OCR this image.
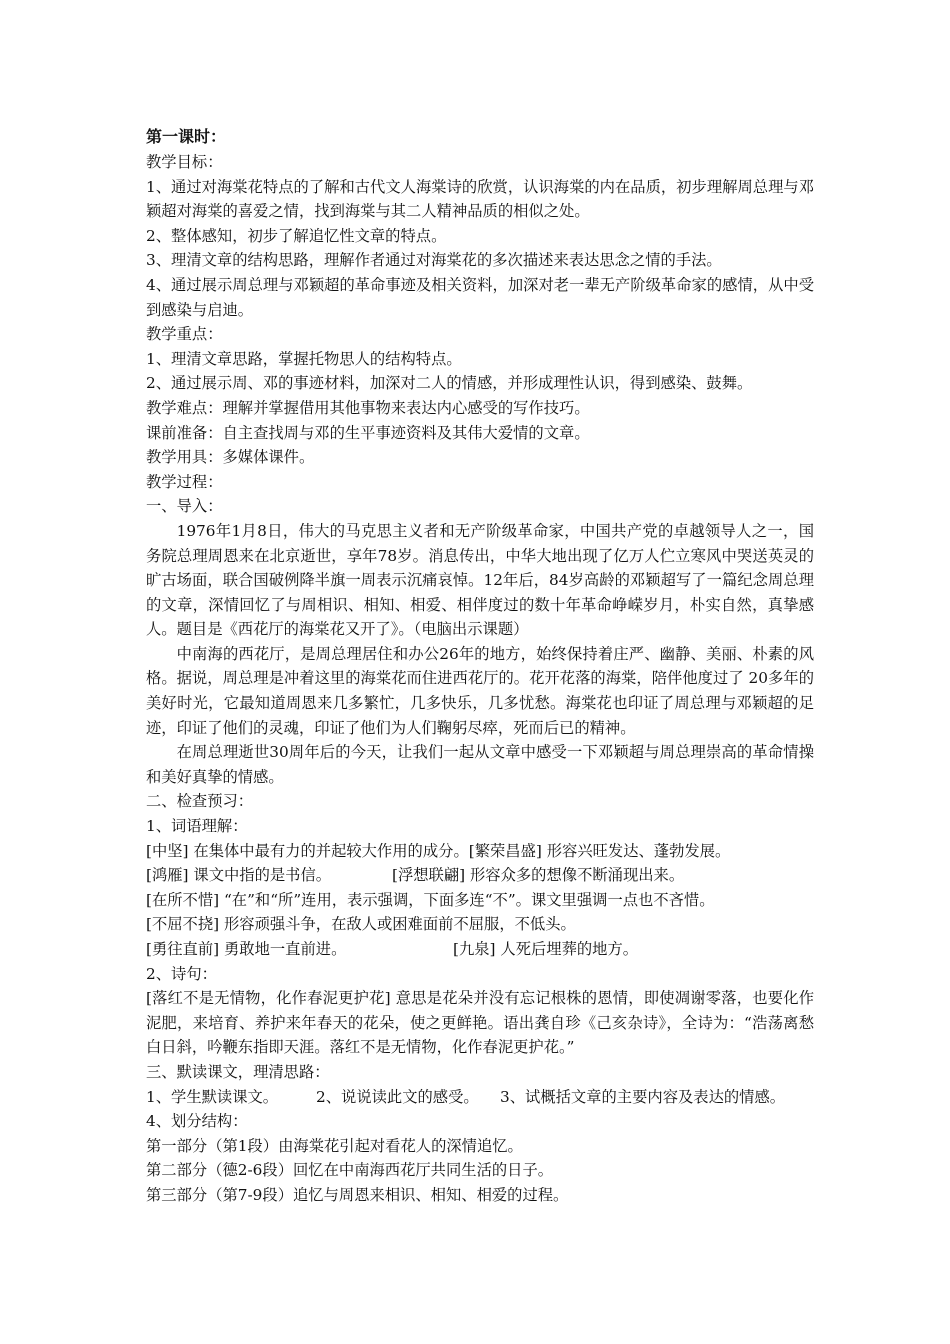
第一课时：
教学目标：
1、通过对海棠花特点的了解和古代文人海棠诗的欣赏，认识海棠的内在品质，初步理解周总理与邓颖超对海棠的喜爱之情，找到海棠与其二人精神品质的相似之处。
2、整体感知，初步了解追忆性文章的特点。
3、理清文章的结构思路，理解作者通过对海棠花的多次描述来表达思念之情的手法。
4、通过展示周总理与邓颖超的革命事迹及相关资料，加深对老一辈无产阶级革命家的感情，从中受到感染与启迪。
教学重点：
1、理清文章思路，掌握托物思人的结构特点。
2、通过展示周、邓的事迹材料，加深对二人的情感，并形成理性认识，得到感染、鼓舞。
教学难点：理解并掌握借用其他事物来表达内心感受的写作技巧。
课前准备：自主查找周与邓的生平事迹资料及其伟大爱情的文章。
教学用具：多媒体课件。
教学过程：
一、导入：
1976年1月8日，伟大的马克思主义者和无产阶级革命家，中国共产党的卓越领导人之一，国务院总理周恩来在北京逝世，享年78岁。消息传出，中华大地出现了亿万人伫立寒风中哭送英灵的旷古场面，联合国破例降半旗一周表示沉痛哀悼。12年后，84岁高龄的邓颖超写了一篇纪念周总理的文章，深情回忆了与周相识、相知、相爱、相伴度过的数十年革命峥嵘岁月，朴实自然，真挚感人。题目是《西花厅的海棠花又开了》。（电脑出示课题）
中南海的西花厅，是周总理居住和办公26年的地方，始终保持着庄严、幽静、美丽、朴素的风格。据说，周总理是冲着这里的海棠花而住进西花厅的。花开花落的海棠，陪伴他度过了 20多年的美好时光，它最知道周恩来几多繁忙，几多快乐，几多忧愁。海棠花也印证了周总理与邓颖超的足迹，印证了他们的灵魂，印证了他们为人们鞠躬尽瘁，死而后已的精神。
在周总理逝世30周年后的今天，让我们一起从文章中感受一下邓颖超与周总理崇高的革命情操和美好真挚的情感。
二、检查预习：
1、词语理解：
[中坚] 在集体中最有力的并起较大作用的成分。[繁荣昌盛] 形容兴旺发达、蓬勃发展。
[鸿雁] 课文中指的是书信。	[浮想联翩] 形容众多的想像不断涌现出来。
[在所不惜] “在”和“所”连用，表示强调，下面多连“不”。课文里强调一点也不吝惜。
[不屈不挠] 形容顽强斗争，在敌人或困难面前不屈服，不低头。
[勇往直前] 勇敢地一直前进。	[九泉] 人死后埋葬的地方。
2、诗句：
[落红不是无情物，化作春泥更护花] 意思是花朵并没有忘记根株的恩情，即使凋谢零落，也要化作泥肥，来培育、养护来年春天的花朵，使之更鲜艳。语出龚自珍《己亥杂诗》，全诗为：“浩荡离愁白日斜，吟鞭东指即天涯。落红不是无情物，化作春泥更护花。”
三、默读课文，理清思路：
1、学生默读课文。	2、说说读此文的感受。	3、试概括文章的主要内容及表达的情感。
4、划分结构：
第一部分（第1段）由海棠花引起对看花人的深情追忆。
第二部分（德2-6段）回忆在中南海西花厅共同生活的日子。
第三部分（第7-9段）追忆与周恩来相识、相知、相爱的过程。
